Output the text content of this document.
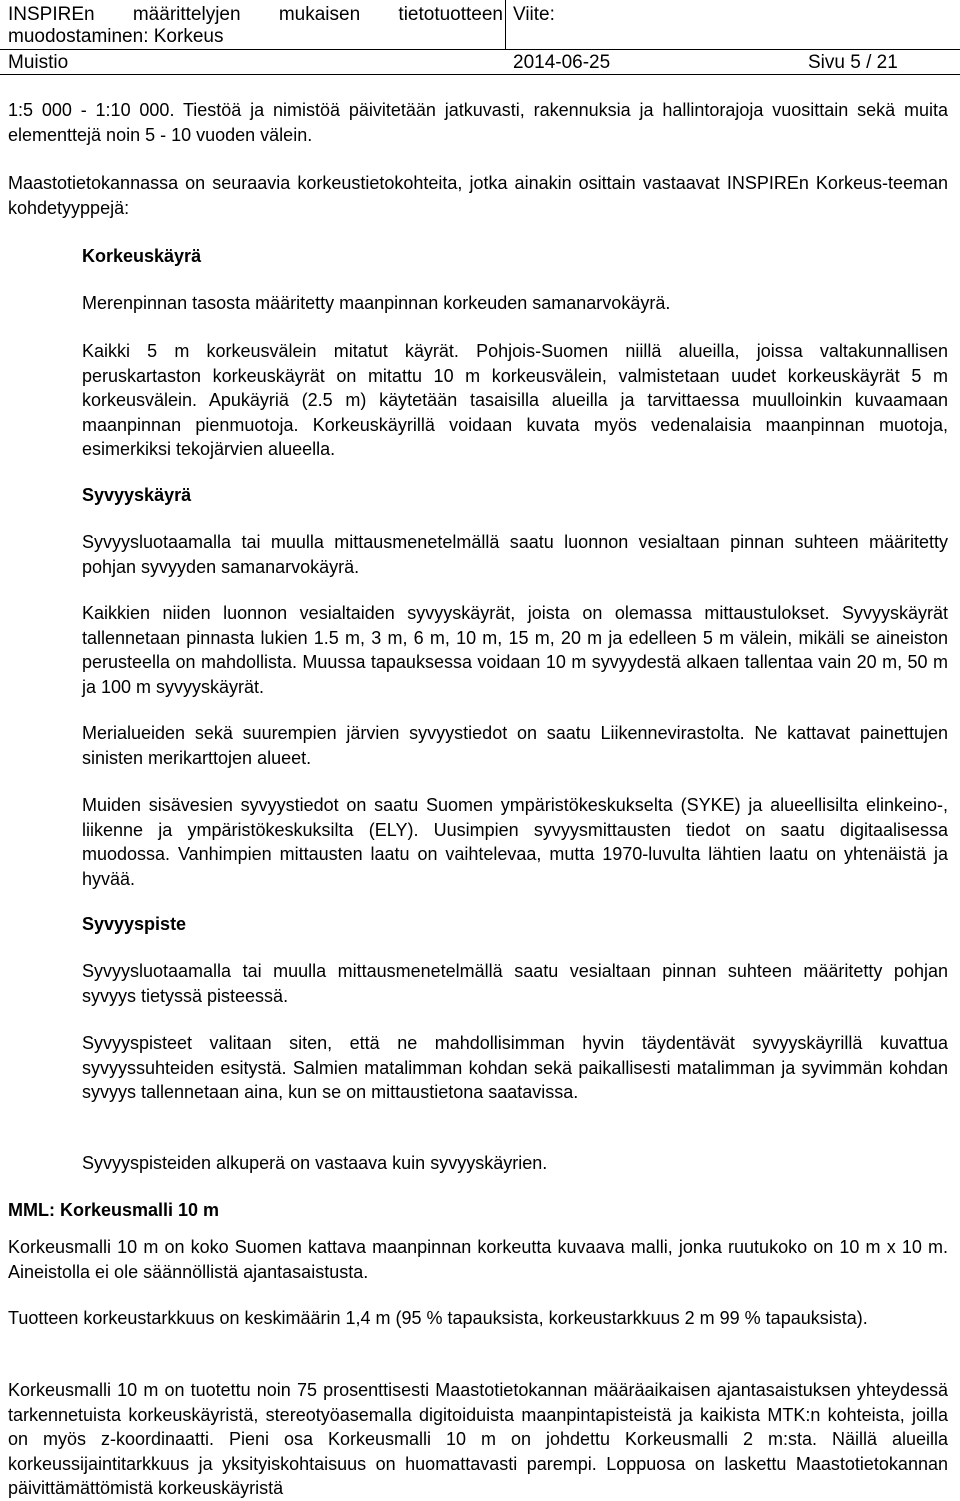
INSPIREn määrittelyjen mukaisen tietotuotteen
muodostaminen: Korkeus
Viite:
Muistio	2014-06-25	Sivu 5 / 21

1:5 000 - 1:10 000. Tiestöä ja nimistöä päivitetään jatkuvasti, rakennuksia ja hallintorajoja vuosittain sekä muita elementtejä noin 5 - 10 vuoden välein.

Maastotietokannassa on seuraavia korkeustietokohteita, jotka ainakin osittain vastaavat INSPIREn Korkeus-teeman kohdetyyppejä:

Korkeuskäyrä

Merenpinnan tasosta määritetty maanpinnan korkeuden samanarvokäyrä.

Kaikki 5 m korkeusvälein mitatut käyrät. Pohjois-Suomen niillä alueilla, joissa valtakunnallisen peruskartaston korkeuskäyrät on mitattu 10 m korkeusvälein, valmistetaan uudet korkeuskäyrät 5 m korkeusvälein. Apukäyriä (2.5 m) käytetään tasaisilla alueilla ja tarvittaessa muulloinkin kuvaamaan maanpinnan pienmuotoja. Korkeuskäyrillä voidaan kuvata myös vedenalaisia maanpinnan muotoja, esimerkiksi tekojärvien alueella.

Syvyyskäyrä

Syvyysluotaamalla tai muulla mittausmenetelmällä saatu luonnon vesialtaan pinnan suhteen määritetty pohjan syvyyden samanarvokäyrä.

Kaikkien niiden luonnon vesialtaiden syvyyskäyrät, joista on olemassa mittaustulokset. Syvyyskäyrät tallennetaan pinnasta lukien 1.5 m, 3 m, 6 m, 10 m, 15 m, 20 m ja edelleen 5 m välein, mikäli se aineiston perusteella on mahdollista. Muussa tapauksessa voidaan 10 m syvyydestä alkaen tallentaa vain 20 m, 50 m ja 100 m syvyyskäyrät.

Merialueiden sekä suurempien järvien syvyystiedot on saatu Liikennevirastolta. Ne kattavat painettujen sinisten merikarttojen alueet.

Muiden sisävesien syvyystiedot on saatu Suomen ympäristökeskukselta (SYKE) ja alueellisilta elinkeino-, liikenne ja ympäristökeskuksilta (ELY). Uusimpien syvyysmittausten tiedot on saatu digitaalisessa muodossa. Vanhimpien mittausten laatu on vaihtelevaa, mutta 1970-luvulta lähtien laatu on yhtenäistä ja hyvää.

Syvyyspiste

Syvyysluotaamalla tai muulla mittausmenetelmällä saatu vesialtaan pinnan suhteen määritetty pohjan syvyys tietyssä pisteessä.

Syvyyspisteet valitaan siten, että ne mahdollisimman hyvin täydentävät syvyyskäyrillä kuvattua syvyyssuhteiden esitystä. Salmien matalimman kohdan sekä paikallisesti matalimman ja syvimmän kohdan syvyys tallennetaan aina, kun se on mittaustietona saatavissa.

Syvyyspisteiden alkuperä on vastaava kuin syvyyskäyrien.

MML: Korkeusmalli 10 m

Korkeusmalli 10 m on koko Suomen kattava maanpinnan korkeutta kuvaava malli, jonka ruutukoko on 10 m x 10 m. Aineistolla ei ole säännöllistä ajantasaistusta.

Tuotteen korkeustarkkuus on keskimäärin 1,4 m (95 % tapauksista, korkeustarkkuus 2 m 99 % tapauksista).

Korkeusmalli 10 m on tuotettu noin 75 prosenttisesti Maastotietokannan määräaikaisen ajantasaistuksen yhteydessä tarkennetuista korkeuskäyristä, stereotyöasemalla digitoiduista maanpintapisteistä ja kaikista MTK:n kohteista, joilla on myös z-koordinaatti. Pieni osa Korkeusmalli 10 m on johdettu Korkeusmalli 2 m:sta. Näillä alueilla korkeussijaintitarkkuus ja yksityiskohtaisuus on huomattavasti parempi. Loppuosa on laskettu Maastotietokannan päivittämättömistä korkeuskäyristä
